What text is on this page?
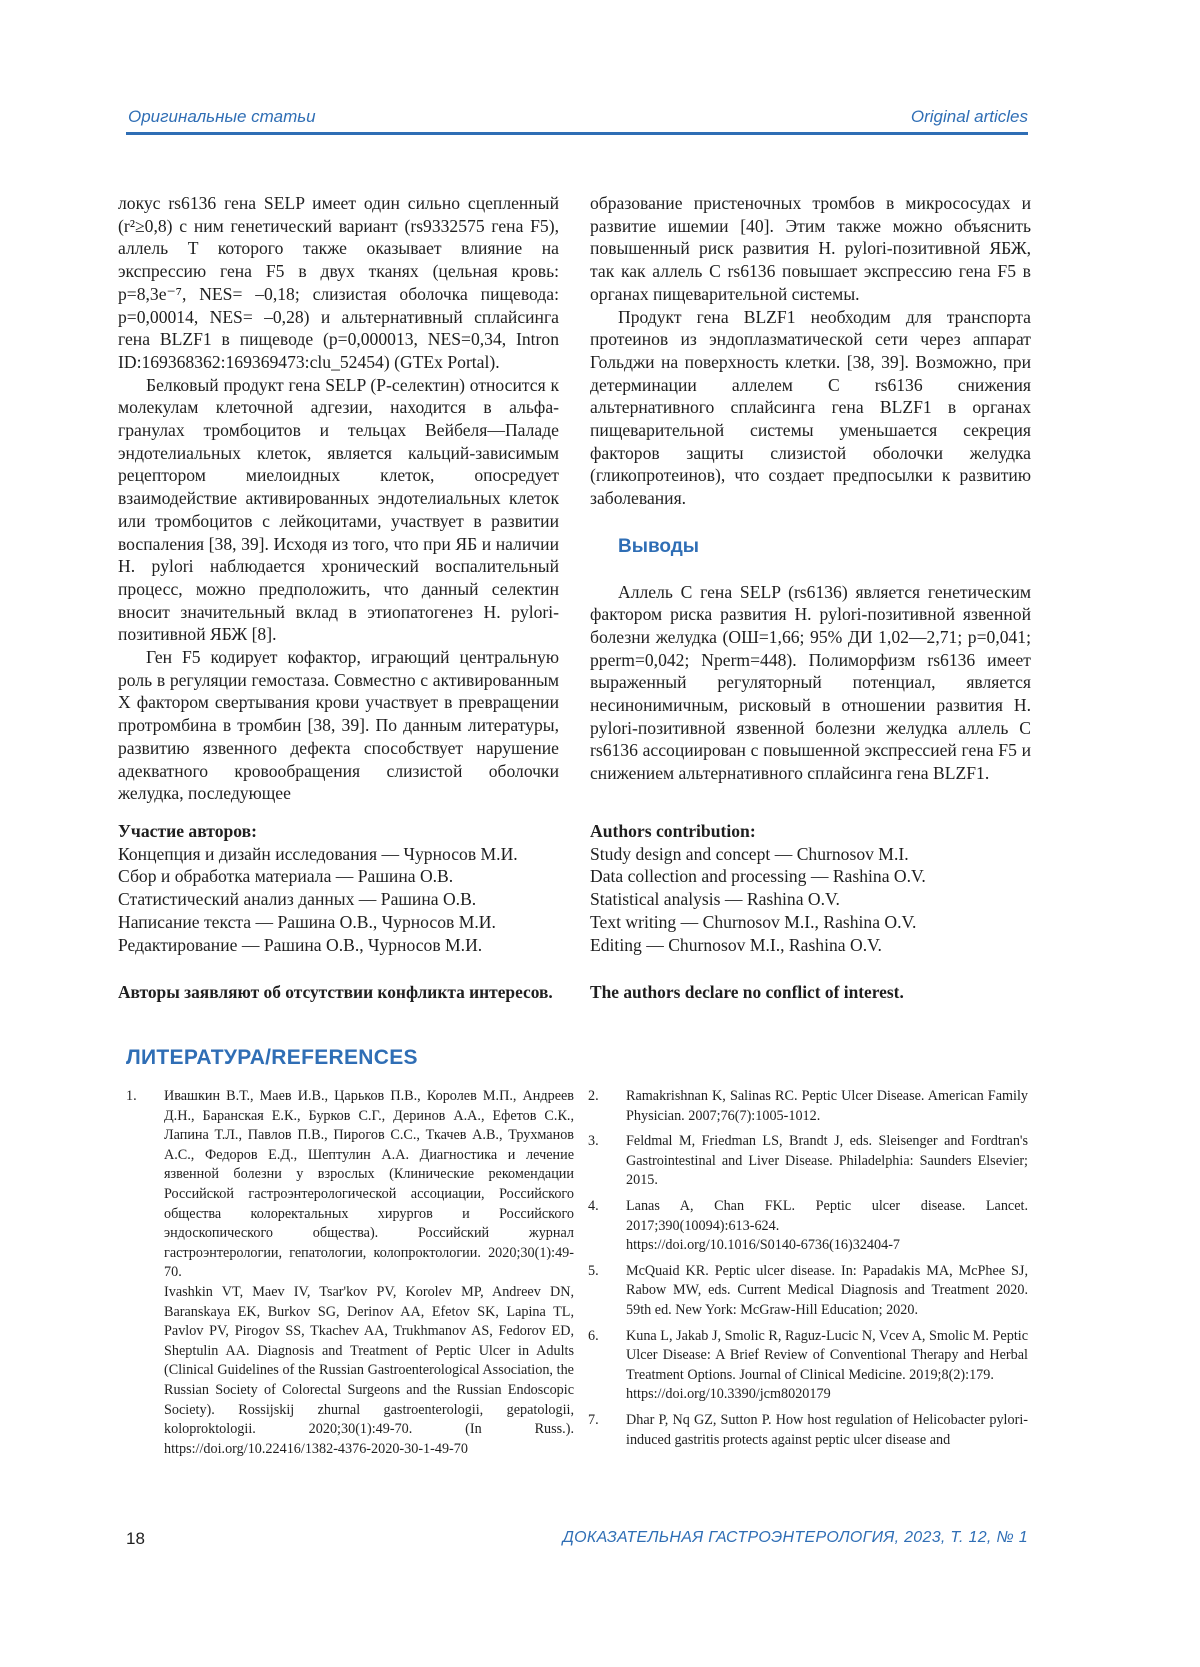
Оригинальные статьи	Original articles

локус rs6136 гена SELP имеет один сильно сцепленный (r²≥0,8) с ним генетический вариант (rs9332575 гена F5), аллель T которого также оказывает влияние на экспрессию гена F5 в двух тканях (цельная кровь: p=8,3e⁻⁷, NES= –0,18; слизистая оболочка пищевода: p=0,00014, NES= –0,28) и альтернативный сплайсинга гена BLZF1 в пищеводе (p=0,000013, NES=0,34, Intron ID:169368362:169369473:clu_52454) (GTEx Portal).

Белковый продукт гена SELP (P-селектин) относится к молекулам клеточной адгезии, находится в альфа-гранулах тромбоцитов и тельцах Вейбеля—Паладе эндотелиальных клеток, является кальций-зависимым рецептором миелоидных клеток, опосредует взаимодействие активированных эндотелиальных клеток или тромбоцитов с лейкоцитами, участвует в развитии воспаления [38, 39]. Исходя из того, что при ЯБ и наличии H. pylori наблюдается хронический воспалительный процесс, можно предположить, что данный селектин вносит значительный вклад в этиопатогенез H. pylori-позитивной ЯБЖ [8].

Ген F5 кодирует кофактор, играющий центральную роль в регуляции гемостаза. Совместно с активированным X фактором свертывания крови участвует в превращении протромбина в тромбин [38, 39]. По данным литературы, развитию язвенного дефекта способствует нарушение адекватного кровообращения слизистой оболочки желудка, последующее

образование пристеночных тромбов в микрососудах и развитие ишемии [40]. Этим также можно объяснить повышенный риск развития H. pylori-позитивной ЯБЖ, так как аллель C rs6136 повышает экспрессию гена F5 в органах пищеварительной системы.

Продукт гена BLZF1 необходим для транспорта протеинов из эндоплазматической сети через аппарат Гольджи на поверхность клетки. [38, 39]. Возможно, при детерминации аллелем C rs6136 снижения альтернативного сплайсинга гена BLZF1 в органах пищеварительной системы уменьшается секреция факторов защиты слизистой оболочки желудка (гликопротеинов), что создает предпосылки к развитию заболевания.

Выводы

Аллель C гена SELP (rs6136) является генетическим фактором риска развития H. pylori-позитивной язвенной болезни желудка (ОШ=1,66; 95% ДИ 1,02—2,71; p=0,041; pperm=0,042; Nperm=448). Полиморфизм rs6136 имеет выраженный регуляторный потенциал, является несинонимичным, рисковый в отношении развития H. pylori-позитивной язвенной болезни желудка аллель C rs6136 ассоциирован с повышенной экспрессией гена F5 и снижением альтернативного сплайсинга гена BLZF1.

Участие авторов:
Концепция и дизайн исследования — Чурносов М.И.
Сбор и обработка материала — Рашина О.В.
Статистический анализ данных — Рашина О.В.
Написание текста — Рашина О.В., Чурносов М.И.
Редактирование — Рашина О.В., Чурносов М.И.
Authors contribution:
Study design and concept — Churnosov M.I.
Data collection and processing — Rashina O.V.
Statistical analysis — Rashina O.V.
Text writing — Churnosov M.I., Rashina O.V.
Editing — Churnosov M.I., Rashina O.V.
Авторы заявляют об отсутствии конфликта интересов. The authors declare no conflict of interest.
ЛИТЕРАТУРА/REFERENCES
1. Ивашкин В.Т., Маев И.В., Царьков П.В., Королев М.П., Андреев Д.Н., Баранская Е.К., Бурков С.Г., Деринов А.А., Ефетов С.К., Лапина Т.Л., Павлов П.В., Пирогов С.С., Ткачев А.В., Трухманов А.С., Федоров Е.Д., Шептулин А.А. Диагностика и лечение язвенной болезни у взрослых (Клинические рекомендации Российской гастроэнтерологической ассоциации, Российского общества колоректальных хирургов и Российского эндоскопического общества). Российский журнал гастроэнтерологии, гепатологии, колопроктологии. 2020;30(1):49-70.
Ivashkin VT, Maev IV, Tsar'kov PV, Korolev MP, Andreev DN, Baranskaya EK, Burkov SG, Derinov AA, Efetov SK, Lapina TL, Pavlov PV, Pirogov SS, Tkachev AA, Trukhmanov AS, Fedorov ED, Sheptulin AA. Diagnosis and Treatment of Peptic Ulcer in Adults (Clinical Guidelines of the Russian Gastroenterological Association, the Russian Society of Colorectal Surgeons and the Russian Endoscopic Society). Rossijskij zhurnal gastroenterologii, gepatologii, koloproktologii. 2020;30(1):49-70. (In Russ.). https://doi.org/10.22416/1382-4376-2020-30-1-49-70
2. Ramakrishnan K, Salinas RC. Peptic Ulcer Disease. American Family Physician. 2007;76(7):1005-1012.
3. Feldmal M, Friedman LS, Brandt J, eds. Sleisenger and Fordtran's Gastrointestinal and Liver Disease. Philadelphia: Saunders Elsevier; 2015.
4. Lanas A, Chan FKL. Peptic ulcer disease. Lancet. 2017;390(10094):613-624.
https://doi.org/10.1016/S0140-6736(16)32404-7
5. McQuaid KR. Peptic ulcer disease. In: Papadakis MA, McPhee SJ, Rabow MW, eds. Current Medical Diagnosis and Treatment 2020. 59th ed. New York: McGraw-Hill Education; 2020.
6. Kuna L, Jakab J, Smolic R, Raguz-Lucic N, Vcev A, Smolic M. Peptic Ulcer Disease: A Brief Review of Conventional Therapy and Herbal Treatment Options. Journal of Clinical Medicine. 2019;8(2):179.
https://doi.org/10.3390/jcm8020179
7. Dhar P, Nq GZ, Sutton P. How host regulation of Helicobacter pylori-induced gastritis protects against peptic ulcer disease and
18	ДОКАЗАТЕЛЬНАЯ ГАСТРОЭНТЕРОЛОГИЯ, 2023, Т. 12, № 1
